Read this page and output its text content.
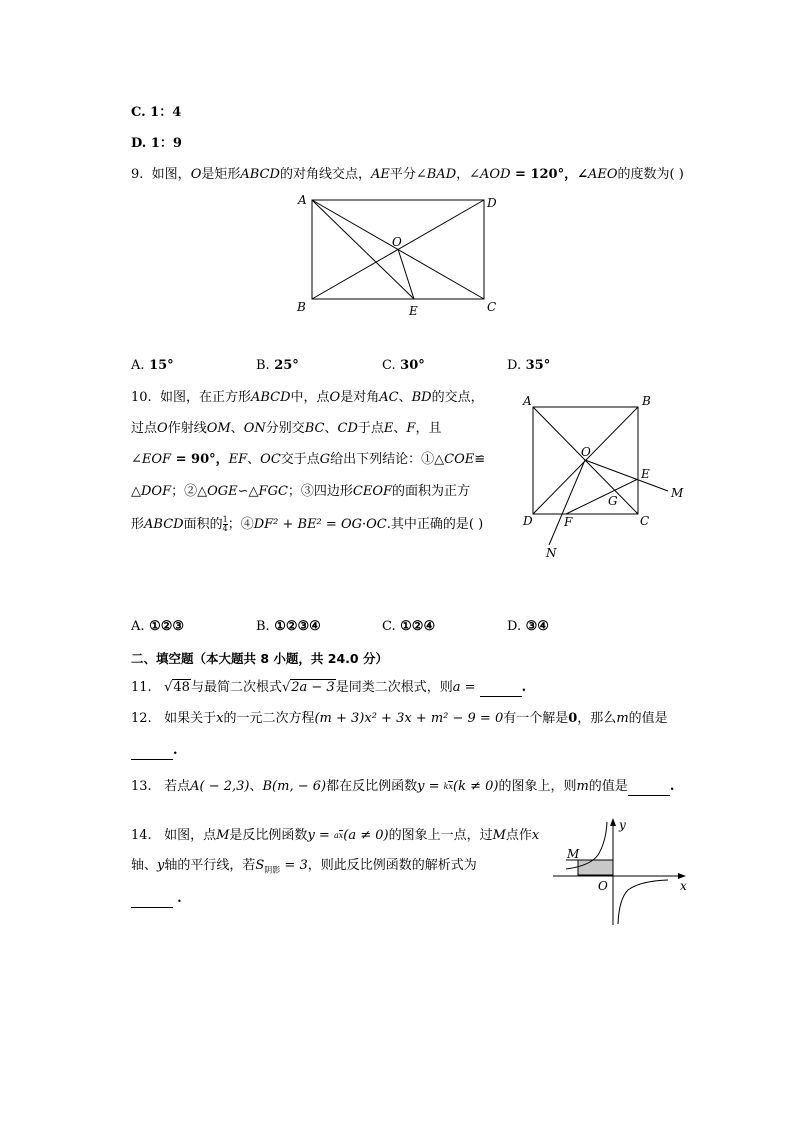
C. 1：4
D. 1：9
9. 如图，O是矩形ABCD的对角线交点，AE平分∠BAD，∠AOD = 120°，∠AEO的度数为( )
A	D
O
B	C
E
A. 15°	B. 25°	C. 30°	D. 35°
10. 如图，在正方形ABCD中，点O是对角AC、BD的交点，
过点O作射线OM、ON分别交BC、CD于点E、F，且
∠EOF = 90°，EF、OC交于点G给出下列结论：①△COE≌
△DOF；②△OGE∽△FGC；③四边形CEOF的面积为正方
形ABCD面积的 $\frac{1}{4}$ ；④DF² + BE² = OG·OC.其中正确的是( )
A	B
O
E
M
G
D	F	C
N
A. ①②③	B. ①②③④	C. ①②④	D. ③④
二、填空题（本大题共 8 小题，共 24.0 分）
11. √48与最简二次根式√2a − 3是同类二次根式，则a =	.
12. 如果关于x的一元二次方程(m + 3)x² + 3x + m² − 9 = 0有一个解是0，那么m的值是
.
13. 若点A( − 2,3)、B(m, − 6)都在反比例函数y = kx(k ≠ 0)的图象上，则m的值是	.
14. 如图，点M是反比例函数y = ax(a ≠ 0)的图象上一点，过M点作x
轴、y轴的平行线，若$S_{阴影} = 3$，则此反比例函数的解析式为
.
M
O	x
y
